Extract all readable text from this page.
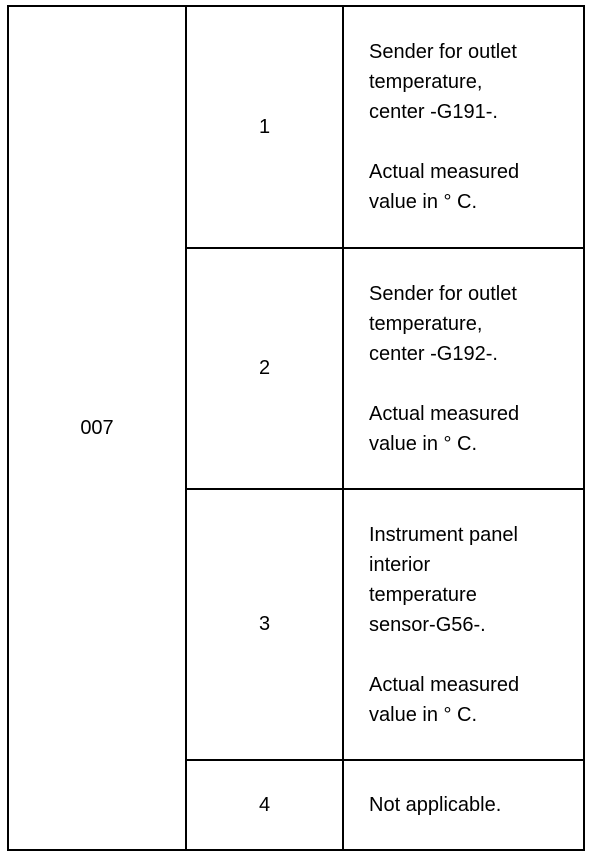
007
1
Sender for outlet
temperature,
center -G191-.
Actual measured
value in ° C.
2
Sender for outlet
temperature,
center -G192-.
Actual measured
value in ° C.
3
Instrument panel
interior
temperature
sensor-G56-.
Actual measured
value in ° C.
4	Not applicable.
